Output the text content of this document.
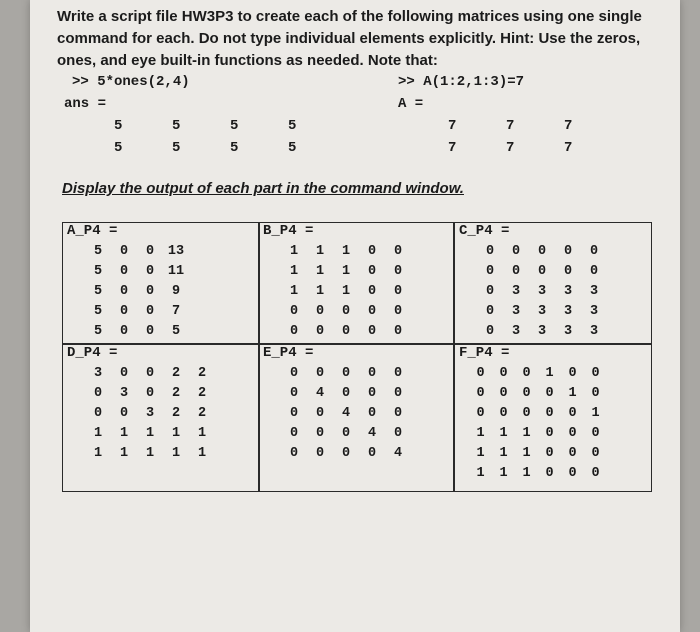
Write a script file HW3P3 to create each of the following matrices using one single
command for each. Do not type individual elements explicitly. Hint: Use the zeros,
ones, and eye built-in functions as needed. Note that:
>> 5*ones(2,4)
ans =
5	5	5	5
5	5	5	5
>> A(1:2,1:3)=7
A =
7	7	7
7	7	7
Display the output of each part in the command window.
A_P4 =
5	0	0	13
5	0	0	11
5	0	0	9
5	0	0	7
5	0	0	5
B_P4 =
1	1	1	0	0
1	1	1	0	0
1	1	1	0	0
0	0	0	0	0
0	0	0	0	0
C_P4 =
0	0	0	0	0
0	0	0	0	0
0	3	3	3	3
0	3	3	3	3
0	3	3	3	3
D_P4 =
3	0	0	2	2
0	3	0	2	2
0	0	3	2	2
1	1	1	1	1
1	1	1	1	1
E_P4 =
0	0	0	0	0
0	4	0	0	0
0	0	4	0	0
0	0	0	4	0
0	0	0	0	4
F_P4 =
0	0	0	1	0	0
0	0	0	0	1	0
0	0	0	0	0	1
1	1	1	0	0	0
1	1	1	0	0	0
1	1	1	0	0	0
